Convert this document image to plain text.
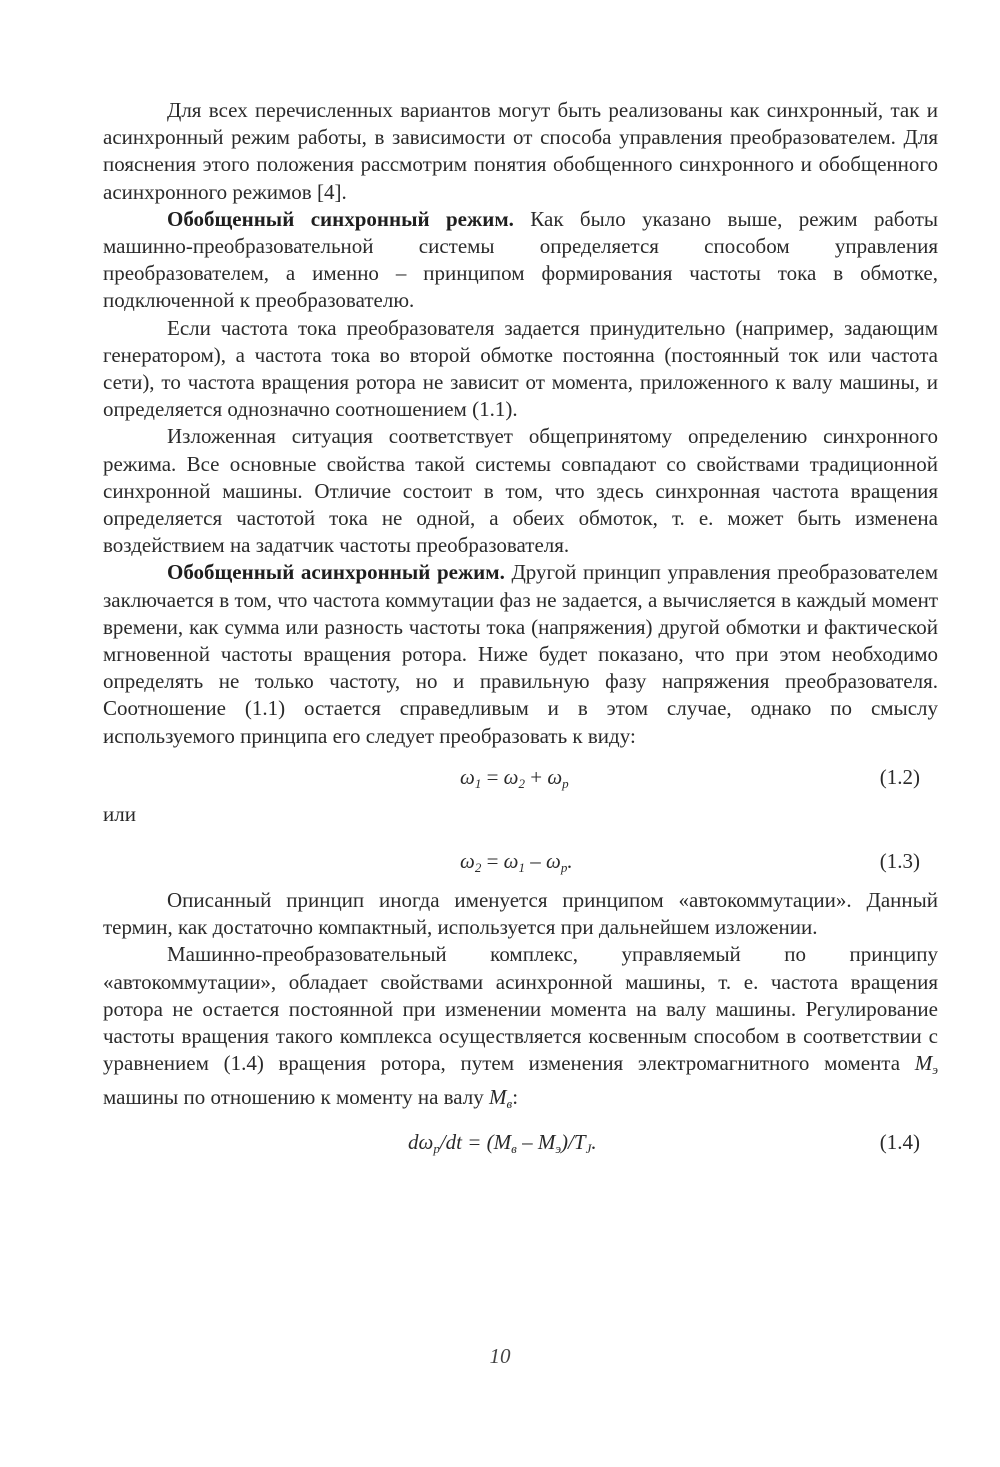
Для всех перечисленных вариантов могут быть реализованы как синхронный, так и асинхронный режим работы, в зависимости от способа управления преобразователем. Для пояснения этого положения рассмотрим понятия обобщенного синхронного и обобщенного асинхронного режимов [4].

Обобщенный синхронный режим. Как было указано выше, режим работы машинно-преобразовательной системы определяется способом управления преобразователем, а именно – принципом формирования частоты тока в обмотке, подключенной к преобразователю.

Если частота тока преобразователя задается принудительно (например, задающим генератором), а частота тока во второй обмотке постоянна (постоянный ток или частота сети), то частота вращения ротора не зависит от момента, приложенного к валу машины, и определяется однозначно соотношением (1.1).

Изложенная ситуация соответствует общепринятому определению синхронного режима. Все основные свойства такой системы совпадают со свойствами традиционной синхронной машины. Отличие состоит в том, что здесь синхронная частота вращения определяется частотой тока не одной, а обеих обмоток, т. е. может быть изменена воздействием на задатчик частоты преобразователя.

Обобщенный асинхронный режим. Другой принцип управления преобразователем заключается в том, что частота коммутации фаз не задается, а вычисляется в каждый момент времени, как сумма или разность частоты тока (напряжения) другой обмотки и фактической мгновенной частоты вращения ротора. Ниже будет показано, что при этом необходимо определять не только частоту, но и правильную фазу напряжения преобразователя. Соотношение (1.1) остается справедливым и в этом случае, однако по смыслу используемого принципа его следует преобразовать к виду:

$\omega_1 = \omega_2 + \omega_р$	(1.2)

или

$\omega_2 = \omega_1 - \omega_р$.	(1.3)

Описанный принцип иногда именуется принципом «автокоммутации». Данный термин, как достаточно компактный, используется при дальнейшем изложении.

Машинно-преобразовательный комплекс, управляемый по принципу «автокоммутации», обладает свойствами асинхронной машины, т. е. частота вращения ротора не остается постоянной при изменении момента на валу машины. Регулирование частоты вращения такого комплекса осуществляется косвенным способом в соответствии с уравнением (1.4) вращения ротора, путем изменения электромагнитного момента $M_э$ машины по отношению к моменту на валу $M_в$:

$d\omega_р/dt = (M_в - M_э)/T_J$.	(1.4)
10
